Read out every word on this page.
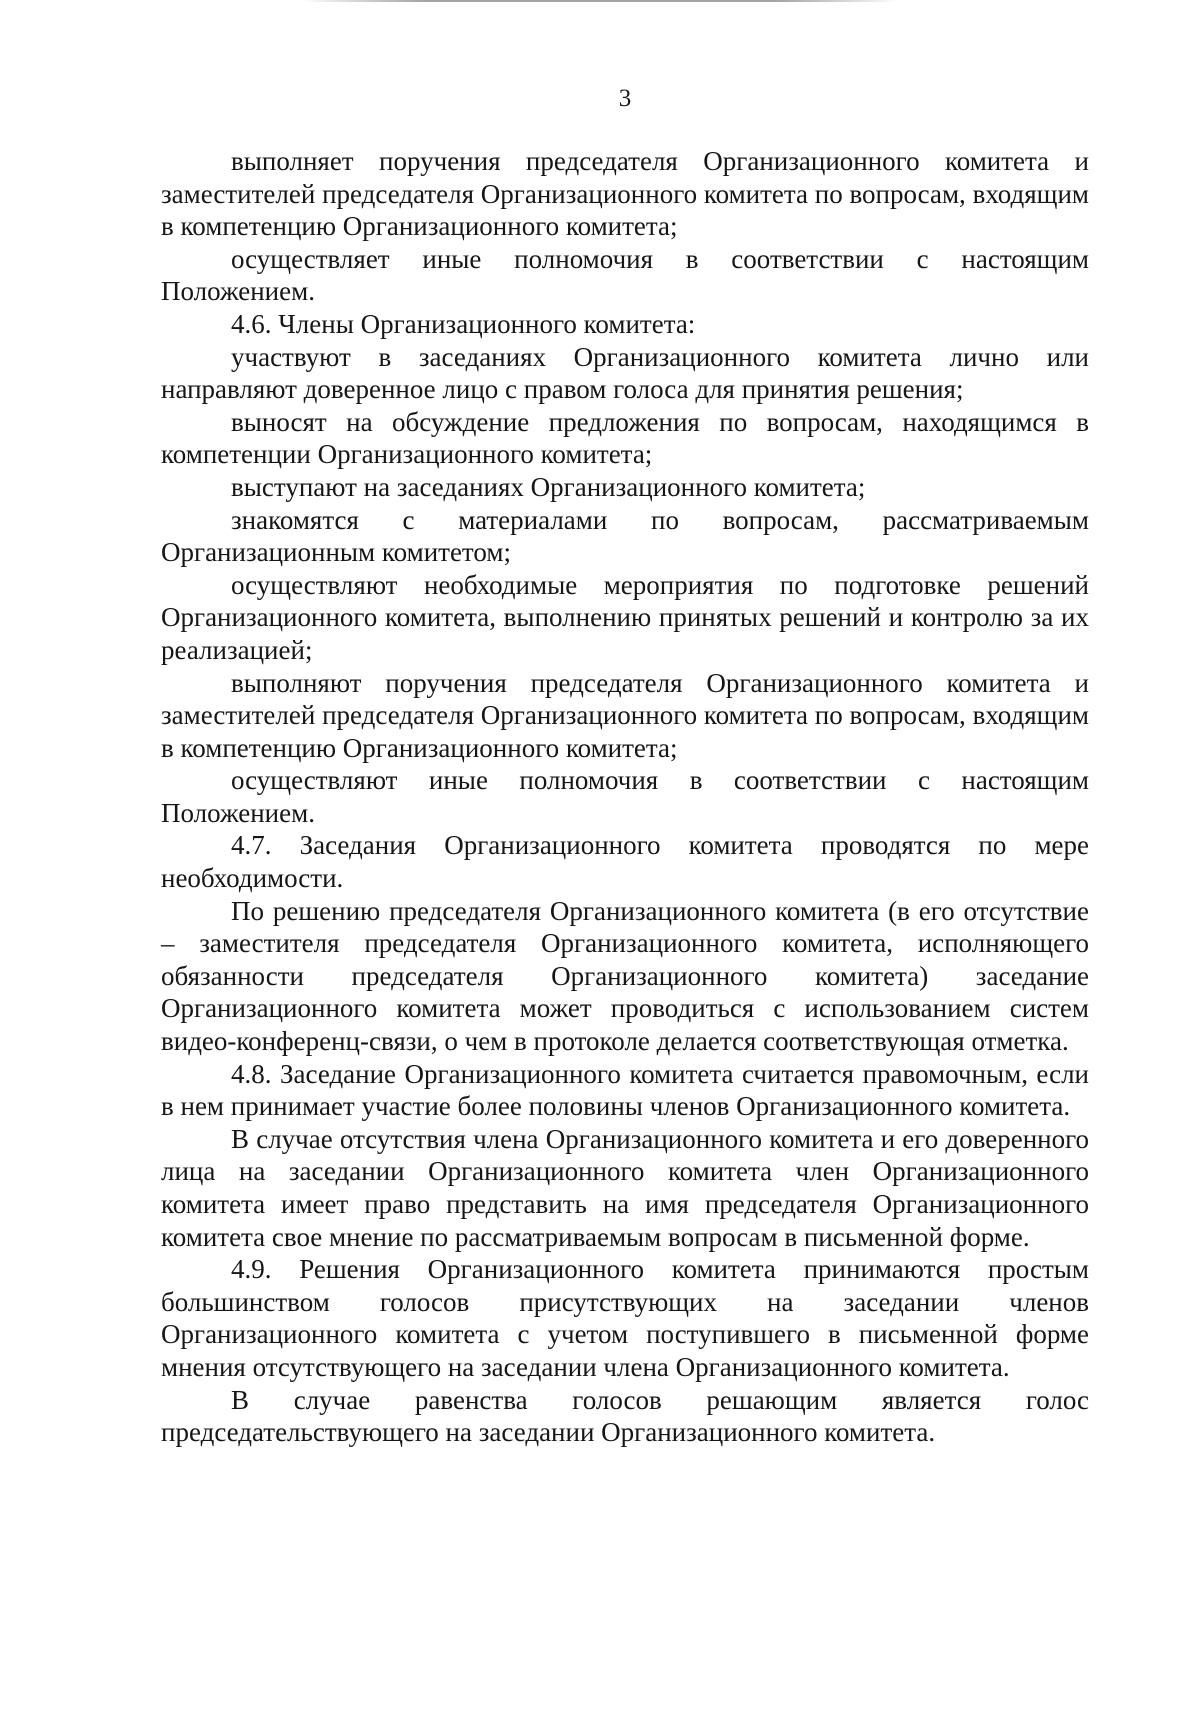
3

выполняет поручения председателя Организационного комитета и заместителей председателя Организационного комитета по вопросам, входящим в компетенцию Организационного комитета;

осуществляет иные полномочия в соответствии с настоящим Положением.

4.6. Члены Организационного комитета:

участвуют в заседаниях Организационного комитета лично или направляют доверенное лицо с правом голоса для принятия решения;

выносят на обсуждение предложения по вопросам, находящимся в компетенции Организационного комитета;

выступают на заседаниях Организационного комитета;

знакомятся с материалами по вопросам, рассматриваемым Организационным комитетом;

осуществляют необходимые мероприятия по подготовке решений Организационного комитета, выполнению принятых решений и контролю за их реализацией;

выполняют поручения председателя Организационного комитета и заместителей председателя Организационного комитета по вопросам, входящим в компетенцию Организационного комитета;

осуществляют иные полномочия в соответствии с настоящим Положением.

4.7. Заседания Организационного комитета проводятся по мере необходимости.

По решению председателя Организационного комитета (в его отсутствие – заместителя председателя Организационного комитета, исполняющего обязанности председателя Организационного комитета) заседание Организационного комитета может проводиться с использованием систем видео-конференц-связи, о чем в протоколе делается соответствующая отметка.

4.8. Заседание Организационного комитета считается правомочным, если в нем принимает участие более половины членов Организационного комитета.

В случае отсутствия члена Организационного комитета и его доверенного лица на заседании Организационного комитета член Организационного комитета имеет право представить на имя председателя Организационного комитета свое мнение по рассматриваемым вопросам в письменной форме.

4.9. Решения Организационного комитета принимаются простым большинством голосов присутствующих на заседании членов Организационного комитета с учетом поступившего в письменной форме мнения отсутствующего на заседании члена Организационного комитета.

В случае равенства голосов решающим является голос председательствующего на заседании Организационного комитета.
